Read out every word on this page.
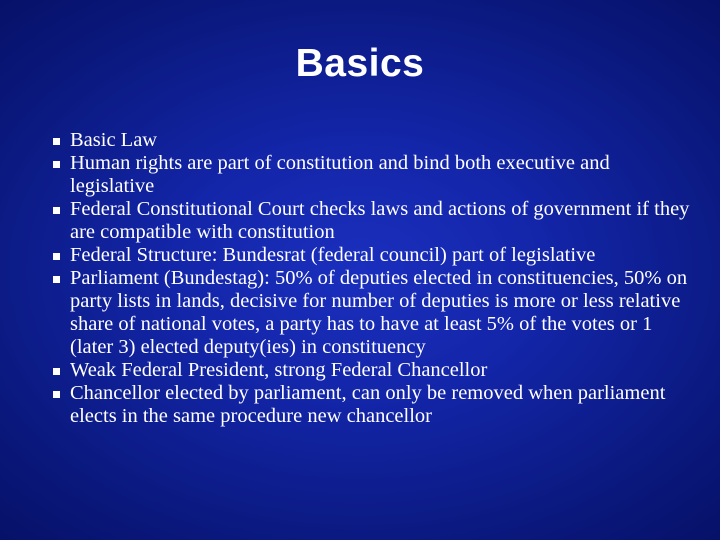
Basics
Basic Law
Human rights are part of constitution and bind both executive and legislative
Federal Constitutional Court checks laws and actions of government if they are compatible with constitution
Federal Structure: Bundesrat (federal council) part of legislative
Parliament (Bundestag): 50% of deputies elected in constituencies, 50% on party lists in lands, decisive for number of deputies is more or less relative share of national votes, a party has to have at least 5% of the votes or 1 (later 3) elected deputy(ies) in constituency
Weak Federal President, strong Federal Chancellor
Chancellor elected by parliament, can only be removed when parliament elects in the same procedure new chancellor
